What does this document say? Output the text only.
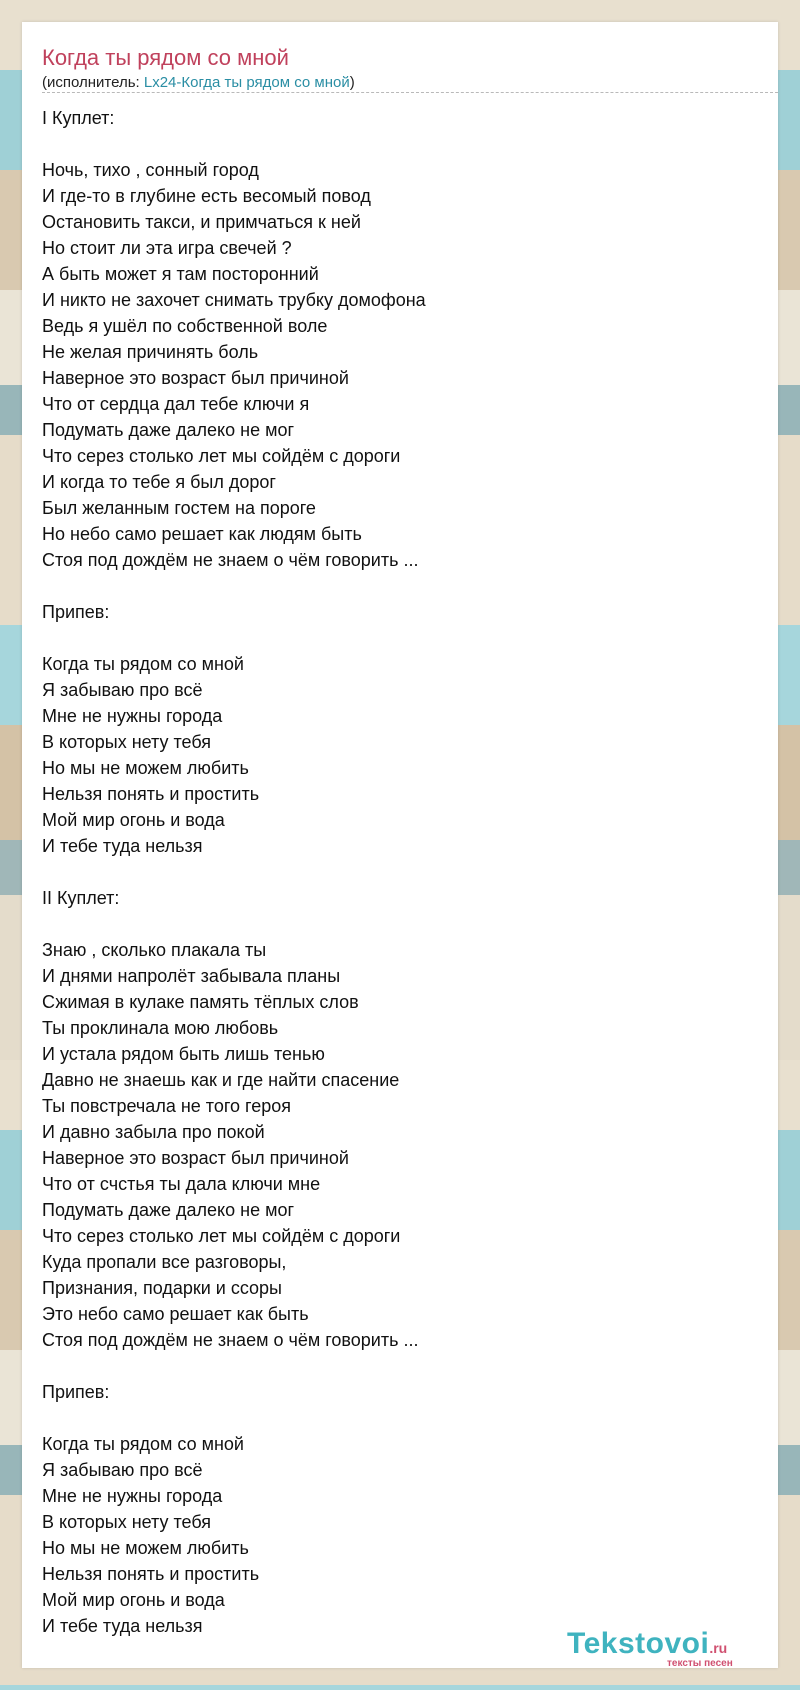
Когда ты рядом со мной
(исполнитель: Lx24-Когда ты рядом со мной)
I Куплет:
Ночь, тихо , сонный город
И где-то в глубине есть весомый повод
Остановить такси, и примчаться к ней
Но стоит ли эта игра свечей ?
А быть может я там посторонний
И никто не захочет снимать трубку домофона
Ведь я ушёл по собственной воле
Не желая причинять боль
Наверное это возраст был причиной
Что от сердца дал тебе ключи я
Подумать даже далеко не мог
Что серез столько лет мы сойдём с дороги
И когда то тебе я был дорог
Был желанным гостем на пороге
Но небо само решает как людям быть
Стоя под дождём не знаем о чём говорить ...
Припев:
Когда ты рядом со мной
Я забываю про всё
Мне не нужны города
В которых нету тебя
Но мы не можем любить
Нельзя понять и простить
Мой мир огонь и вода
И тебе туда нельзя
II Куплет:
Знаю , сколько плакала ты
И днями напролёт забывала планы
Сжимая в кулаке память тёплых слов
Ты проклинала мою любовь
И устала рядом быть лишь тенью
Давно не знаешь как и где найти спасение
Ты повстречала не того героя
И давно забыла про покой
Наверное это возраст был причиной
Что от счстья ты дала ключи мне
Подумать даже далеко не мог
Что серез столько лет мы сойдём с дороги
Куда пропали все разговоры,
Признания, подарки и ссоры
Это небо само решает как быть
Стоя под дождём не знаем о чём говорить ...
Припев:
Когда ты рядом со мной
Я забываю про всё
Мне не нужны города
В которых нету тебя
Но мы не можем любить
Нельзя понять и простить
Мой мир огонь и вода
И тебе туда нельзя
Tekstovoi.ru
тексты песен
